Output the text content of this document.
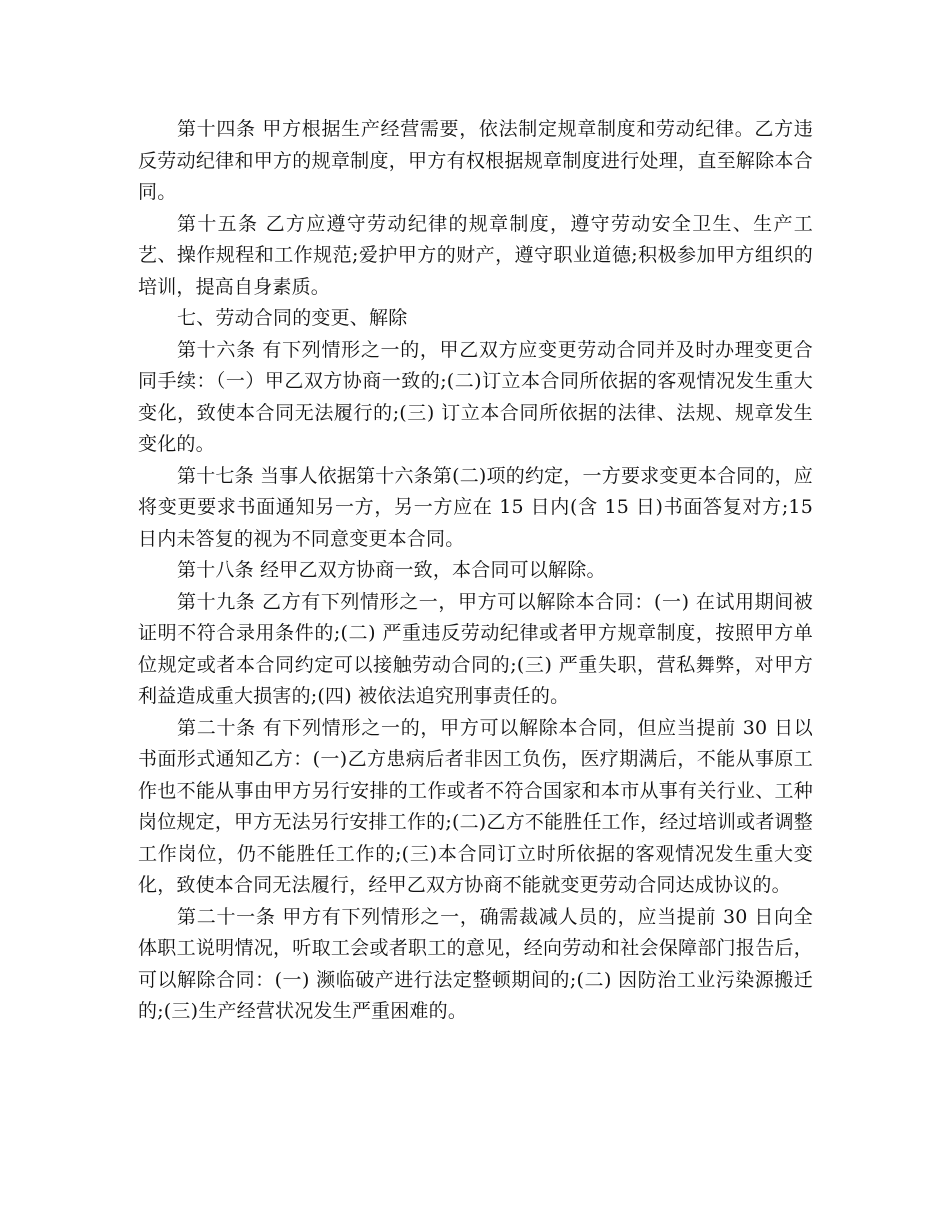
第十四条 甲方根据生产经营需要，依法制定规章制度和劳动纪律。乙方违反劳动纪律和甲方的规章制度，甲方有权根据规章制度进行处理，直至解除本合同。

第十五条 乙方应遵守劳动纪律的规章制度，遵守劳动安全卫生、生产工艺、操作规程和工作规范;爱护甲方的财产，遵守职业道德;积极参加甲方组织的培训，提高自身素质。

七、劳动合同的变更、解除

第十六条 有下列情形之一的，甲乙双方应变更劳动合同并及时办理变更合同手续：（一）甲乙双方协商一致的;(二)订立本合同所依据的客观情况发生重大变化，致使本合同无法履行的;(三) 订立本合同所依据的法律、法规、规章发生变化的。

第十七条 当事人依据第十六条第(二)项的约定，一方要求变更本合同的，应将变更要求书面通知另一方，另一方应在 15 日内(含 15 日)书面答复对方;15 日内未答复的视为不同意变更本合同。

第十八条 经甲乙双方协商一致，本合同可以解除。

第十九条 乙方有下列情形之一，甲方可以解除本合同：(一) 在试用期间被证明不符合录用条件的;(二) 严重违反劳动纪律或者甲方规章制度，按照甲方单位规定或者本合同约定可以接触劳动合同的;(三) 严重失职，营私舞弊，对甲方利益造成重大损害的;(四) 被依法追究刑事责任的。

第二十条 有下列情形之一的，甲方可以解除本合同，但应当提前 30 日以书面形式通知乙方：(一)乙方患病后者非因工负伤，医疗期满后，不能从事原工作也不能从事由甲方另行安排的工作或者不符合国家和本市从事有关行业、工种岗位规定，甲方无法另行安排工作的;(二)乙方不能胜任工作，经过培训或者调整工作岗位，仍不能胜任工作的;(三)本合同订立时所依据的客观情况发生重大变化，致使本合同无法履行，经甲乙双方协商不能就变更劳动合同达成协议的。

第二十一条 甲方有下列情形之一，确需裁减人员的，应当提前 30 日向全体职工说明情况，听取工会或者职工的意见，经向劳动和社会保障部门报告后，可以解除合同：(一) 濒临破产进行法定整顿期间的;(二) 因防治工业污染源搬迁的;(三)生产经营状况发生严重困难的。
